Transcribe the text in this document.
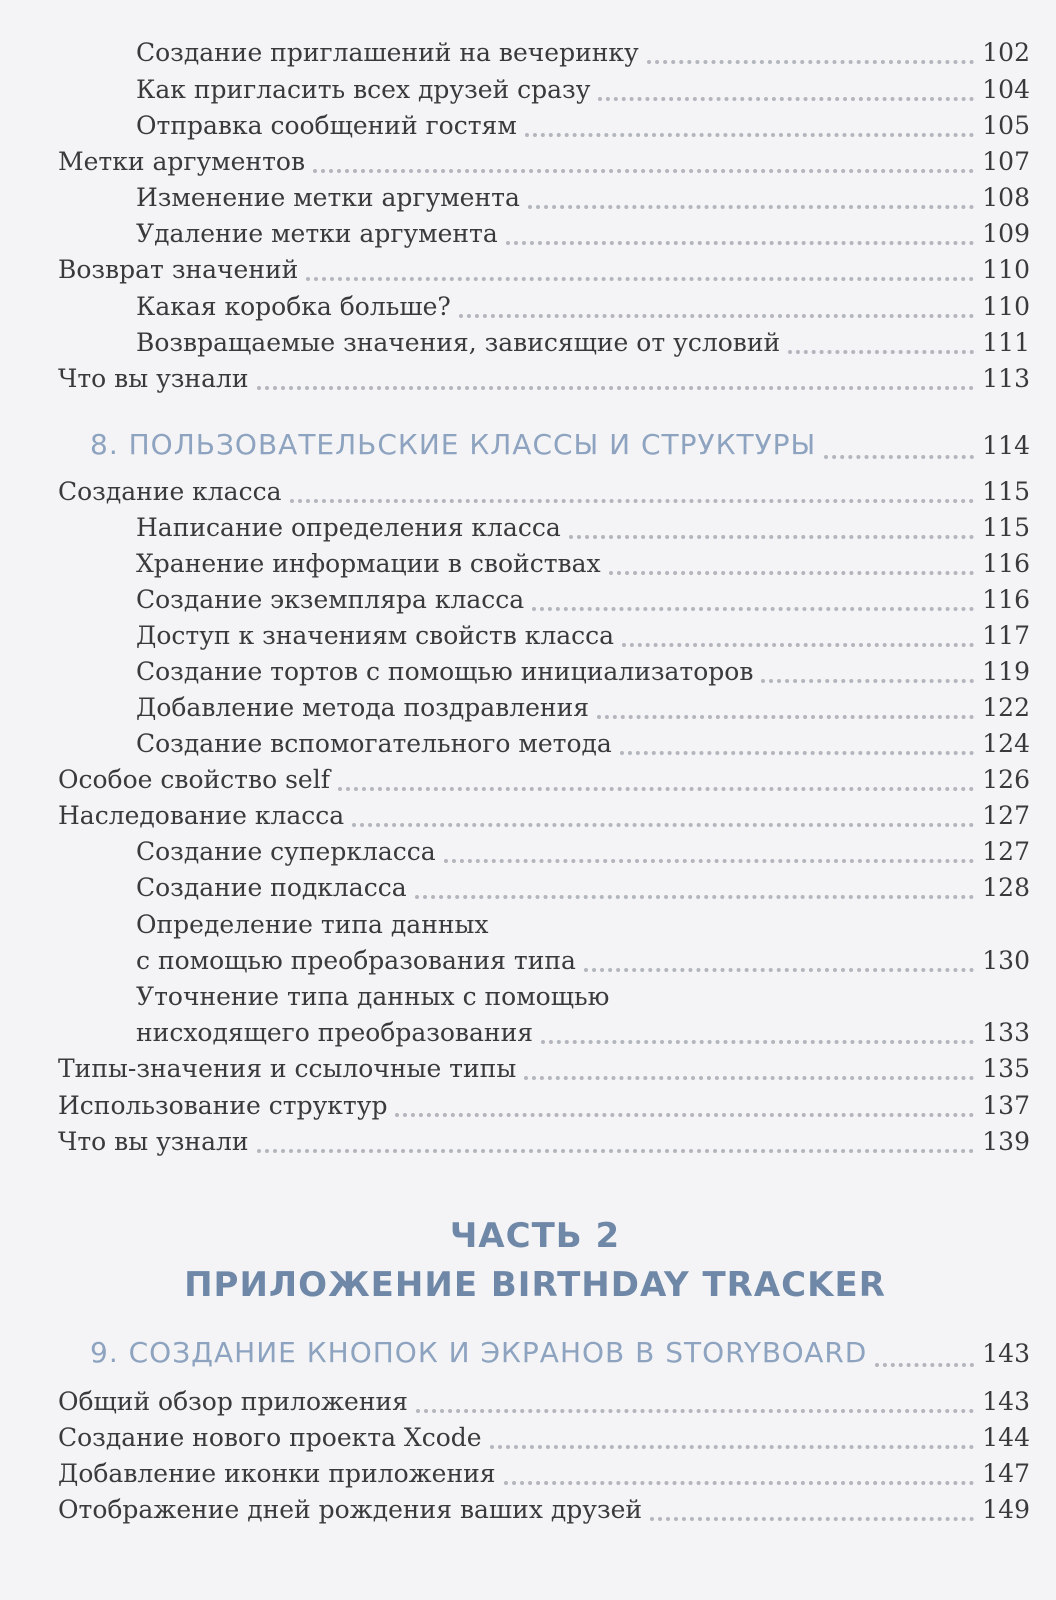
Создание приглашений на вечеринку	102
Как пригласить всех друзей сразу	104
Отправка сообщений гостям	105
Метки аргументов	107
Изменение метки аргумента	108
Удаление метки аргумента	109
Возврат значений	110
Какая коробка больше?	110
Возвращаемые значения, зависящие от условий	111
Что вы узнали	113
8. ПОЛЬЗОВАТЕЛЬСКИЕ КЛАССЫ И СТРУКТУРЫ	114
Создание класса	115
Написание определения класса	115
Хранение информации в свойствах	116
Создание экземпляра класса	116
Доступ к значениям свойств класса	117
Создание тортов с помощью инициализаторов	119
Добавление метода поздравления	122
Создание вспомогательного метода	124
Особое свойство self	126
Наследование класса	127
Создание суперкласса	127
Создание подкласса	128
Определение типа данных
с помощью преобразования типа	130
Уточнение типа данных с помощью
нисходящего преобразования	133
Типы-значения и ссылочные типы	135
Использование структур	137
Что вы узнали	139
ЧАСТЬ 2
ПРИЛОЖЕНИЕ BIRTHDAY TRACKER
9. СОЗДАНИЕ КНОПОК И ЭКРАНОВ В STORYBOARD	143
Общий обзор приложения	143
Создание нового проекта Xcode	144
Добавление иконки приложения	147
Отображение дней рождения ваших друзей	149
